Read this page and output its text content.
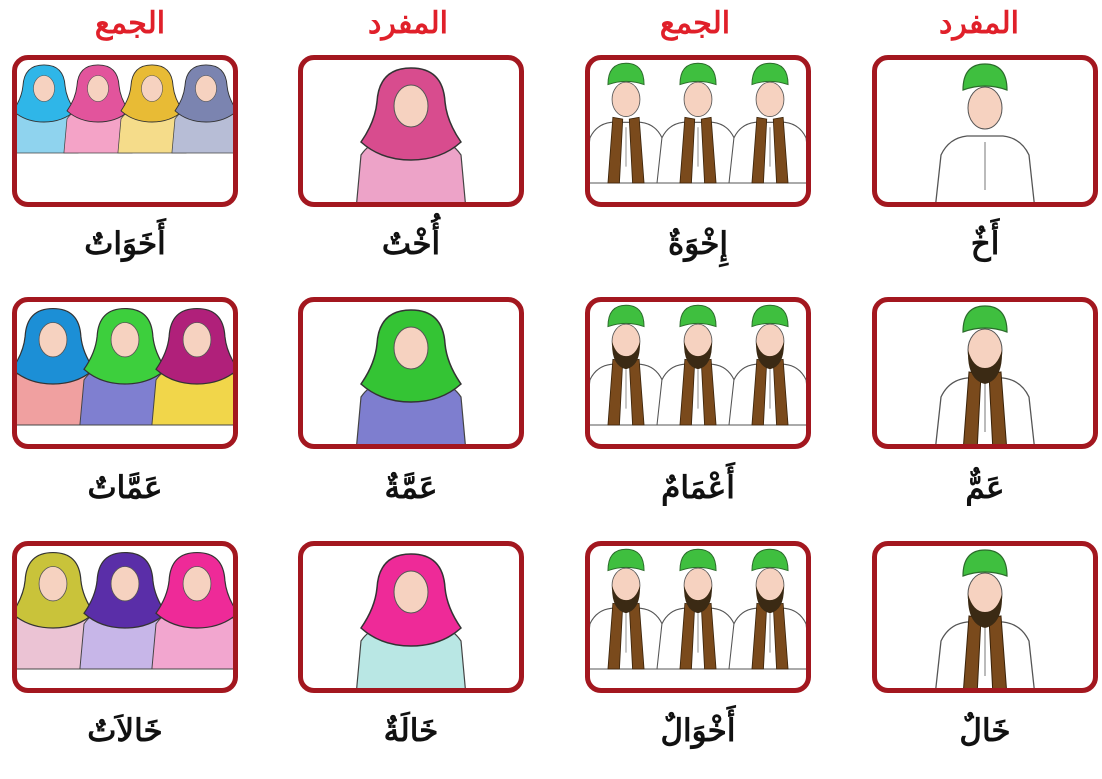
الجمع	المفرد	الجمع	المفرد
أَخَوَاتٌ	أُخْتٌ	إِخْوَةٌ	أَخٌ
عَمَّاتٌ	عَمَّةٌ	أَعْمَامٌ	عَمٌّ
خَالاَتٌ	خَالَةٌ	أَخْوَالٌ	خَالٌ
